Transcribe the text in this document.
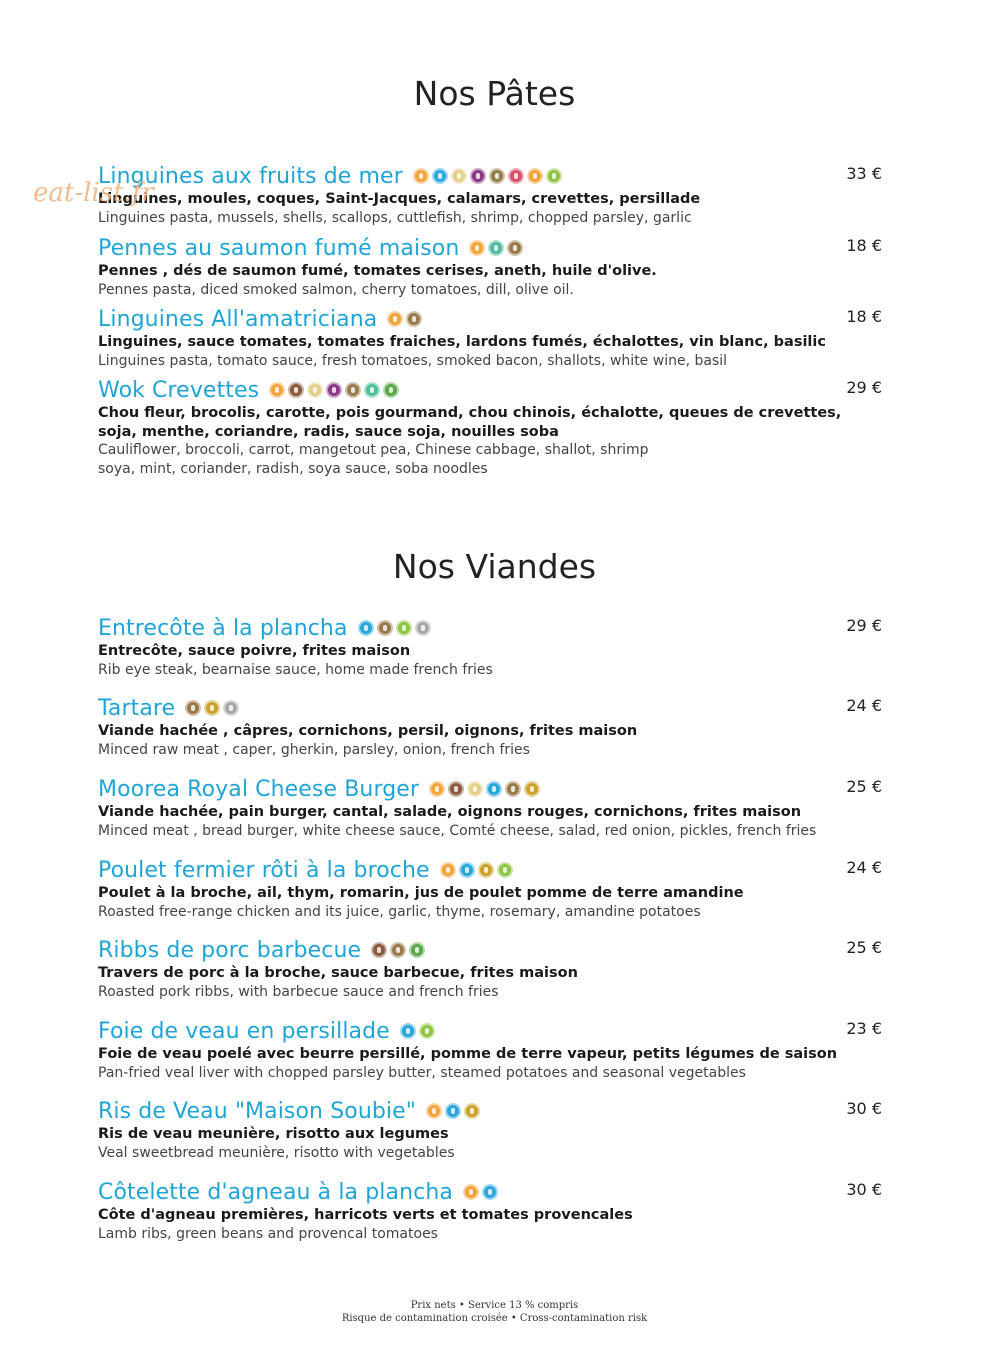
eat-list.fr
Nos Pâtes
Linguines aux fruits de mer	33 €
Linguines, moules, coques, Saint-Jacques, calamars, crevettes, persillade
Linguines pasta, mussels, shells, scallops, cuttlefish, shrimp, chopped parsley, garlic
Pennes au saumon fumé maison	18 €
Pennes , dés de saumon fumé, tomates cerises, aneth, huile d'olive.
Pennes pasta, diced smoked salmon, cherry tomatoes, dill, olive oil.
Linguines All'amatriciana	18 €
Linguines, sauce tomates, tomates fraiches, lardons fumés, échalottes, vin blanc, basilic
Linguines pasta, tomato sauce, fresh tomatoes, smoked bacon, shallots, white wine, basil
Wok Crevettes	29 €
Chou fleur, brocolis, carotte, pois gourmand, chou chinois, échalotte, queues de crevettes,
soja, menthe, coriandre, radis, sauce soja, nouilles soba
Cauliflower, broccoli, carrot, mangetout pea, Chinese cabbage, shallot, shrimp
soya, mint, coriander, radish, soya sauce, soba noodles
Nos Viandes
Entrecôte à la plancha	29 €
Entrecôte, sauce poivre, frites maison
Rib eye steak, bearnaise sauce, home made french fries
Tartare	24 €
Viande hachée , câpres, cornichons, persil, oignons, frites maison
Minced raw meat , caper, gherkin, parsley, onion, french fries
Moorea Royal Cheese Burger	25 €
Viande hachée, pain burger, cantal, salade, oignons rouges, cornichons, frites maison
Minced meat , bread burger, white cheese sauce, Comté cheese, salad, red onion, pickles, french fries
Poulet fermier rôti à la broche	24 €
Poulet à la broche, ail, thym, romarin, jus de poulet pomme de terre amandine
Roasted free-range chicken and its juice, garlic, thyme, rosemary, amandine potatoes
Ribbs de porc barbecue	25 €
Travers de porc à la broche, sauce barbecue, frites maison
Roasted pork ribbs, with barbecue sauce and french fries
Foie de veau en persillade	23 €
Foie de veau poelé avec beurre persillé, pomme de terre vapeur, petits légumes de saison
Pan-fried veal liver with chopped parsley butter, steamed potatoes and seasonal vegetables
Ris de Veau "Maison Soubie"	30 €
Ris de veau meunière, risotto aux legumes
Veal sweetbread meunière, risotto with vegetables
Côtelette d'agneau à la plancha	30 €
Côte d'agneau premières, harricots verts et tomates provencales
Lamb ribs, green beans and provencal tomatoes
Prix nets • Service 13 % compris
Risque de contamination croisée • Cross-contamination risk
